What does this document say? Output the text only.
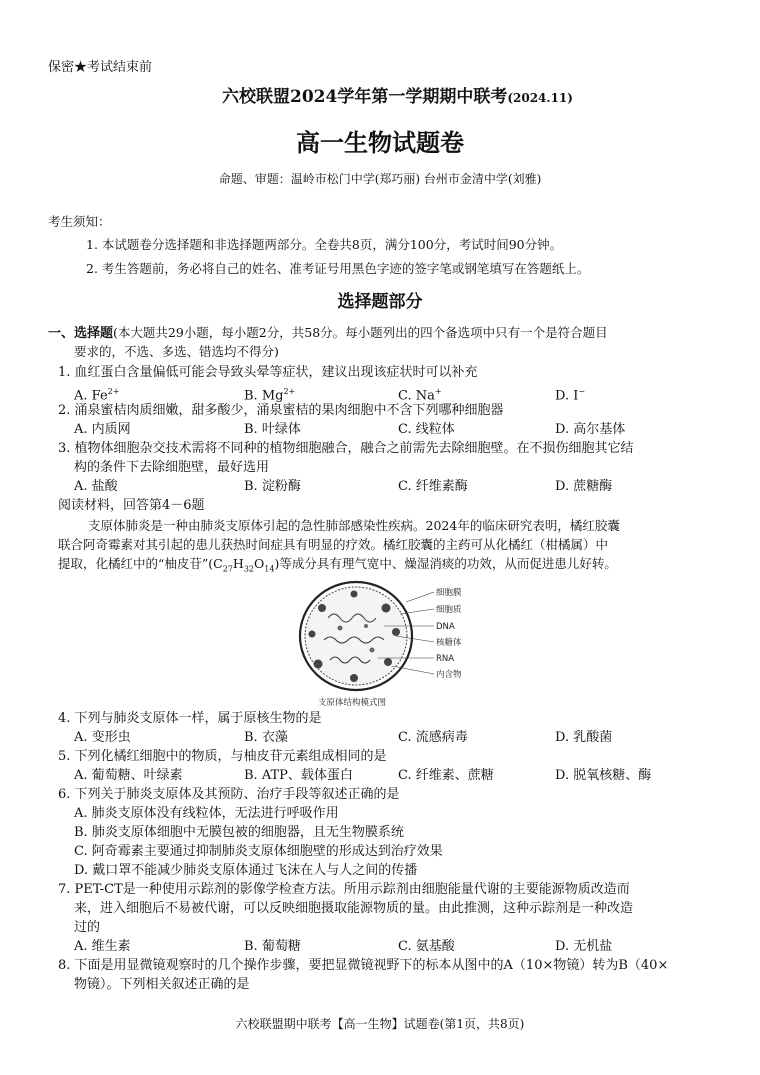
保密★考试结束前
六校联盟2024学年第一学期期中联考(2024.11)
高一生物试题卷
命题、审题：温岭市松门中学(郑巧丽) 台州市金清中学(刘雅)
考生须知：
1. 本试题卷分选择题和非选择题两部分。全卷共8页，满分100分，考试时间90分钟。
2. 考生答题前，务必将自己的姓名、准考证号用黑色字迹的签字笔或钢笔填写在答题纸上。
选择题部分
一、选择题(本大题共29小题，每小题2分，共58分。每小题列出的四个备选项中只有一个是符合题目
要求的，不选、多选、错选均不得分)
1. 血红蛋白含量偏低可能会导致头晕等症状，建议出现该症状时可以补充
A. $Fe^{2+}$	B. $Mg^{2+}$	C. Na+	D. I−
2. 涌泉蜜桔肉质细嫩，甜多酸少，涌泉蜜桔的果肉细胞中不含下列哪种细胞器
A. 内质网	B. 叶绿体	C. 线粒体	D. 高尔基体
3. 植物体细胞杂交技术需将不同种的植物细胞融合，融合之前需先去除细胞壁。在不损伤细胞其它结
构的条件下去除细胞壁，最好选用
A. 盐酸	B. 淀粉酶	C. 纤维素酶	D. 蔗糖酶
阅读材料，回答第4－6题
支原体肺炎是一种由肺炎支原体引起的急性肺部感染性疾病。2024年的临床研究表明，橘红胶囊
联合阿奇霉素对其引起的患儿获热时间症具有明显的疗效。橘红胶囊的主药可从化橘红（柑橘属）中
提取，化橘红中的“柚皮苷$”(C_{27}H_{32}O_{14})$等成分具有理气宽中、燥湿消痰的功效，从而促进患儿好转。
细胞膜
细胞质
DNA
核糖体
RNA
内含物
支原体结构模式图
4. 下列与肺炎支原体一样，属于原核生物的是
A. 变形虫	B. 衣藻	C. 流感病毒	D. 乳酸菌
5. 下列化橘红细胞中的物质，与柚皮苷元素组成相同的是
A. 葡萄糖、叶绿素	B. ATP、载体蛋白	C. 纤维素、蔗糖	D. 脱氧核糖、酶
6. 下列关于肺炎支原体及其预防、治疗手段等叙述正确的是
A. 肺炎支原体没有线粒体，无法进行呼吸作用
B. 肺炎支原体细胞中无膜包被的细胞器，且无生物膜系统
C. 阿奇霉素主要通过抑制肺炎支原体细胞壁的形成达到治疗效果
D. 戴口罩不能减少肺炎支原体通过飞沫在人与人之间的传播
7. PET-CT是一种使用示踪剂的影像学检查方法。所用示踪剂由细胞能量代谢的主要能源物质改造而
来，进入细胞后不易被代谢，可以反映细胞摄取能源物质的量。由此推测，这种示踪剂是一种改造
过的
A. 维生素	B. 葡萄糖	C. 氨基酸	D. 无机盐
8. 下面是用显微镜观察时的几个操作步骤，要把显微镜视野下的标本从图中的A（10×物镜）转为B（40×
物镜）。下列相关叙述正确的是
六校联盟期中联考【高一生物】试题卷(第1页，共8页)
